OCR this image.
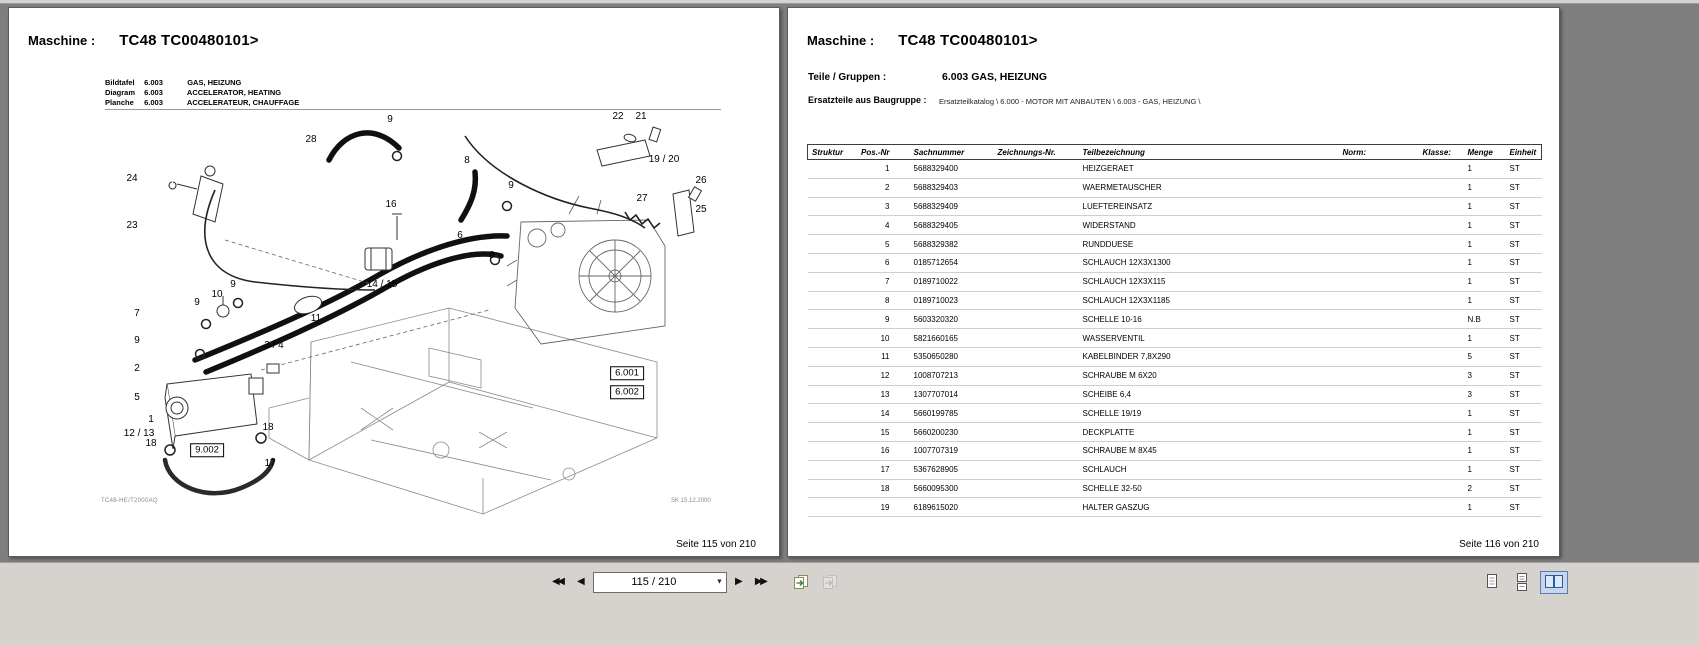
Maschine : TC48 TC00480101>
Bildtafel 6.003	GAS, HEIZUNG
Diagram 6.003	ACCELERATOR, HEATING
Planche 6.003	ACCELERATEUR, CHAUFFAGE
28
9
8
22 21
19 / 20
26
27
25
24
16
9
23
6
9
14 / 15
10
9
9
7	11
9	3 / 4
2
5
1
12 / 13
18
18
17
6.001
6.002
9.002
TC48-HE/T2000AQ	SK 15.12.2000
Seite 115 von 210
Maschine : TC48 TC00480101>
Teile / Gruppen :	6.003 GAS, HEIZUNG
Ersatzteile aus Baugruppe : Ersatzteilkatalog \ 6.000 - MOTOR MIT ANBAUTEN \ 6.003 - GAS, HEIZUNG \
Struktur	Pos.-Nr	Sachnummer	Zeichnungs-Nr.	Teilbezeichnung	Norm:	Klasse:	Menge	Einheit
	1	5688329400		HEIZGERAET			1	ST
	2	5688329403		WAERMETAUSCHER			1	ST
	3	5688329409		LUEFTEREINSATZ			1	ST
	4	5688329405		WIDERSTAND			1	ST
	5	5688329382		RUNDDUESE			1	ST
	6	0185712654		SCHLAUCH 12X3X1300			1	ST
	7	0189710022		SCHLAUCH 12X3X115			1	ST
	8	0189710023		SCHLAUCH 12X3X1185			1	ST
	9	5603320320		SCHELLE 10-16			N.B	ST
	10	5821660165		WASSERVENTIL			1	ST
	11	5350650280		KABELBINDER 7,8X290			5	ST
	12	1008707213		SCHRAUBE M 6X20			3	ST
	13	1307707014		SCHEIBE 6,4			3	ST
	14	5660199785		SCHELLE 19/19			1	ST
	15	5660200230		DECKPLATTE			1	ST
	16	1007707319		SCHRAUBE M 8X45			1	ST
	17	5367628905		SCHLAUCH			1	ST
	18	5660095300		SCHELLE 32-50			2	ST
	19	6189615020		HALTER GASZUG			1	ST
Seite 116 von 210
◀◀ ◀
115 / 210	▼ ▶ ▶▶
